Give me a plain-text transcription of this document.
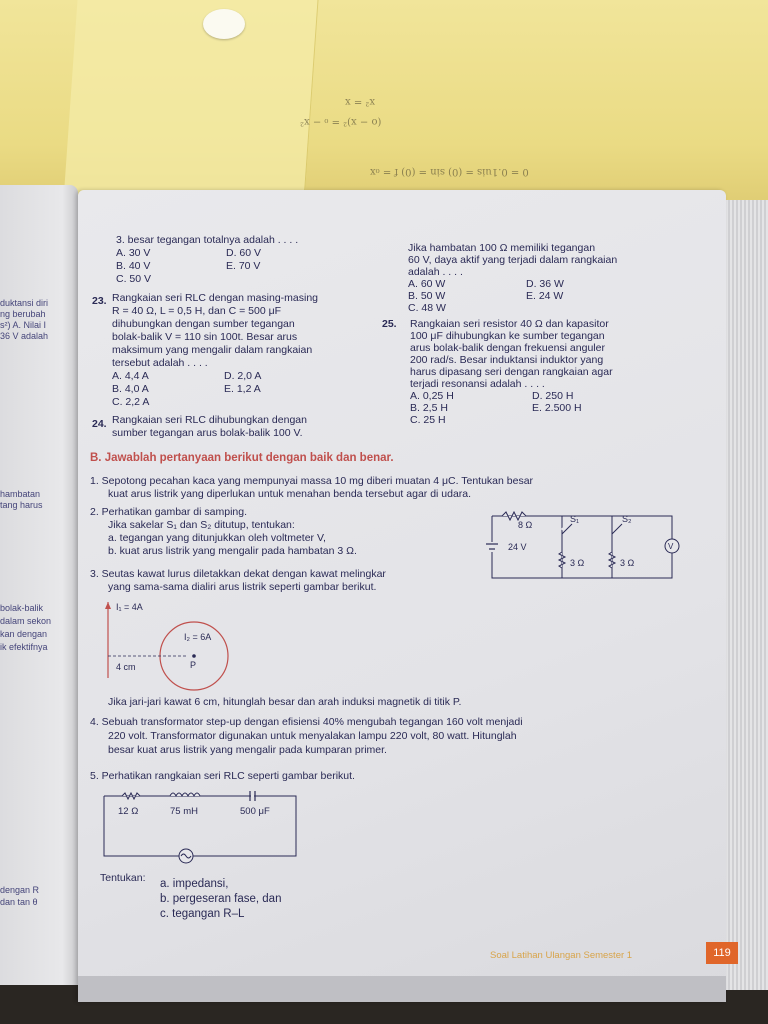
x² = x
(o − x)² = ₀ − x²
0 = 0.1uis = (0) sin = (0) f = ₀x
duktansi diri
ng berubah
s²) A. Nilai I
36 V adalah
hambatan
tang harus
bolak-balik
dalam sekon
kan dengan
ik efektifnya
dengan R
dan tan θ
3. besar tegangan totalnya adalah . . . .
A. 30 V	D. 60 V
B. 40 V	E. 70 V
C. 50 V
23. Rangkaian seri RLC dengan masing-masing
R = 40 Ω, L = 0,5 H, dan C = 500 μF
dihubungkan dengan sumber tegangan
bolak-balik V = 110 sin 100t. Besar arus
maksimum yang mengalir dalam rangkaian
tersebut adalah . . . .
A. 4,4 A	D. 2,0 A
B. 4,0 A	E. 1,2 A
C. 2,2 A
24. Rangkaian seri RLC dihubungkan dengan
sumber tegangan arus bolak-balik 100 V.
Jika hambatan 100 Ω memiliki tegangan
60 V, daya aktif yang terjadi dalam rangkaian
adalah . . . .
A. 60 W	D. 36 W
B. 50 W	E. 24 W
C. 48 W
25. Rangkaian seri resistor 40 Ω dan kapasitor
100 μF dihubungkan ke sumber tegangan
arus bolak-balik dengan frekuensi anguler
200 rad/s. Besar induktansi induktor yang
harus dipasang seri dengan rangkaian agar
terjadi resonansi adalah . . . .
A. 0,25 H	D. 250 H
B. 2,5 H	E. 2.500 H
C. 25 H
B. Jawablah pertanyaan berikut dengan baik dan benar.
1. Sepotong pecahan kaca yang mempunyai massa 10 mg diberi muatan 4 μC. Tentukan besar
kuat arus listrik yang diperlukan untuk menahan benda tersebut agar di udara.
2. Perhatikan gambar di samping.
Jika sakelar S₁ dan S₂ ditutup, tentukan:
a. tegangan yang ditunjukkan oleh voltmeter V,
b. kuat arus listrik yang mengalir pada hambatan 3 Ω.
3. Seutas kawat lurus diletakkan dekat dengan kawat melingkar
yang sama-sama dialiri arus listrik seperti gambar berikut.
8 Ω
S₁	S₂
24 V
3 Ω	3 Ω
V
I₁ = 4A
I₂ = 6A
4 cm	P
Jika jari-jari kawat 6 cm, hitunglah besar dan arah induksi magnetik di titik P.
4. Sebuah transformator step-up dengan efisiensi 40% mengubah tegangan 160 volt menjadi
220 volt. Transformator digunakan untuk menyalakan lampu 220 volt, 80 watt. Hitunglah
besar kuat arus listrik yang mengalir pada kumparan primer.
5. Perhatikan rangkaian seri RLC seperti gambar berikut.
12 Ω	75 mH	500 μF
Tentukan: a. impedansi,
b. pergeseran fase, dan
c. tegangan R–L
Soal Latihan Ulangan Semester 1	119
